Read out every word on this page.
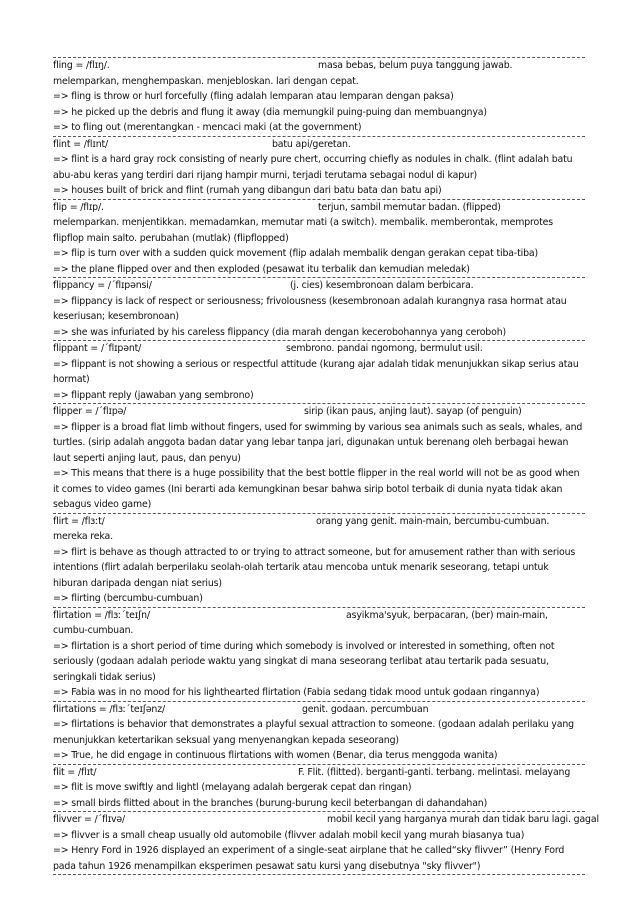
fling = /flɪŋ/.	masa bebas, belum puya tanggung jawab.
melemparkan, menghempaskan. menjebloskan. lari dengan cepat.
=> fling is throw or hurl forcefully (fling adalah lemparan atau lemparan dengan paksa)
=> he picked up the debris and flung it away (dia memungkil puing-puing dan membuangnya)
=> to fling out (merentangkan - mencaci maki (at the government)
flint = /flɪnt/	batu api/geretan.
=> flint is a hard gray rock consisting of nearly pure chert, occurring chiefly as nodules in chalk. (flint adalah batu abu-abu keras yang terdiri dari rijang hampir murni, terjadi terutama sebagai nodul di kapur)
=> houses built of brick and flint (rumah yang dibangun dari batu bata dan batu api)
flip = /flɪp/.	terjun, sambil memutar badan. (flipped)
melemparkan. menjentikkan. memadamkan, memutar mati (a switch). membalik. memberontak, memprotes flipflop main salto. perubahan (mutlak) (flipflopped)
=> flip is turn over with a sudden quick movement (flip adalah membalik dengan gerakan cepat tiba-tiba)
=> the plane flipped over and then exploded (pesawat itu terbalik dan kemudian meledak)
flippancy = /ˊflɪpənsi/	(j. cies) kesembronoan dalam berbicara.
=> flippancy is lack of respect or seriousness; frivolousness (kesembronoan adalah kurangnya rasa hormat atau keseriusan; kesembronoan)
=> she was infuriated by his careless flippancy (dia marah dengan kecerobohannya yang ceroboh)
flippant = /ˊflɪpənt/	sembrono. pandai ngomong, bermulut usil.
=> flippant is not showing a serious or respectful attitude (kurang ajar adalah tidak menunjukkan sikap serius atau hormat)
=> flippant reply (jawaban yang sembrono)
flipper = /ˊflɪpə/	sirip (ikan paus, anjing laut). sayap (of penguin)
=> flipper is a broad flat limb without fingers, used for swimming by various sea animals such as seals, whales, and turtles. (sirip adalah anggota badan datar yang lebar tanpa jari, digunakan untuk berenang oleh berbagai hewan laut seperti anjing laut, paus, dan penyu)
=> This means that there is a huge possibility that the best bottle flipper in the real world will not be as good when it comes to video games (Ini berarti ada kemungkinan besar bahwa sirip botol terbaik di dunia nyata tidak akan sebagus video game)
flirt = /flɜːt/	orang yang genit. main-main, bercumbu-cumbuan.
mereka reka.
=> flirt is behave as though attracted to or trying to attract someone, but for amusement rather than with serious intentions (flirt adalah berperilaku seolah-olah tertarik atau mencoba untuk menarik seseorang, tetapi untuk hiburan daripada dengan niat serius)
=> flirting (bercumbu-cumbuan)
flirtation = /flɜːˊteɪʃn/	asyikma'syuk, berpacaran, (ber) main-main,
cumbu-cumbuan.
=> flirtation is a short period of time during which somebody is involved or interested in something, often not seriously (godaan adalah periode waktu yang singkat di mana seseorang terlibat atau tertarik pada sesuatu, seringkali tidak serius)
=> Fabia was in no mood for his lighthearted flirtation (Fabia sedang tidak mood untuk godaan ringannya)
flirtations = /flɜːˊteɪʃənz/	genit. godaan. percumbuan
=> flirtations is behavior that demonstrates a playful sexual attraction to someone. (godaan adalah perilaku yang menunjukkan ketertarikan seksual yang menyenangkan kepada seseorang)
=> True, he did engage in continuous flirtations with women (Benar, dia terus menggoda wanita)
flit = /flɪt/	F. Flit. (flitted). berganti-ganti. terbang. melintasi. melayang
=> flit is move swiftly and lightl (melayang adalah bergerak cepat dan ringan)
=> small birds flitted about in the branches (burung-burung kecil beterbangan di dahandahan)
flivver = /ˊflɪvə/	mobil kecil yang harganya murah dan tidak baru lagi. gagal
=> flivver is a small cheap usually old automobile (flivver adalah mobil kecil yang murah biasanya tua)
=> Henry Ford in 1926 displayed an experiment of a single-seat airplane that he called“sky flivver” (Henry Ford pada tahun 1926 menampilkan eksperimen pesawat satu kursi yang disebutnya "sky flivver")
